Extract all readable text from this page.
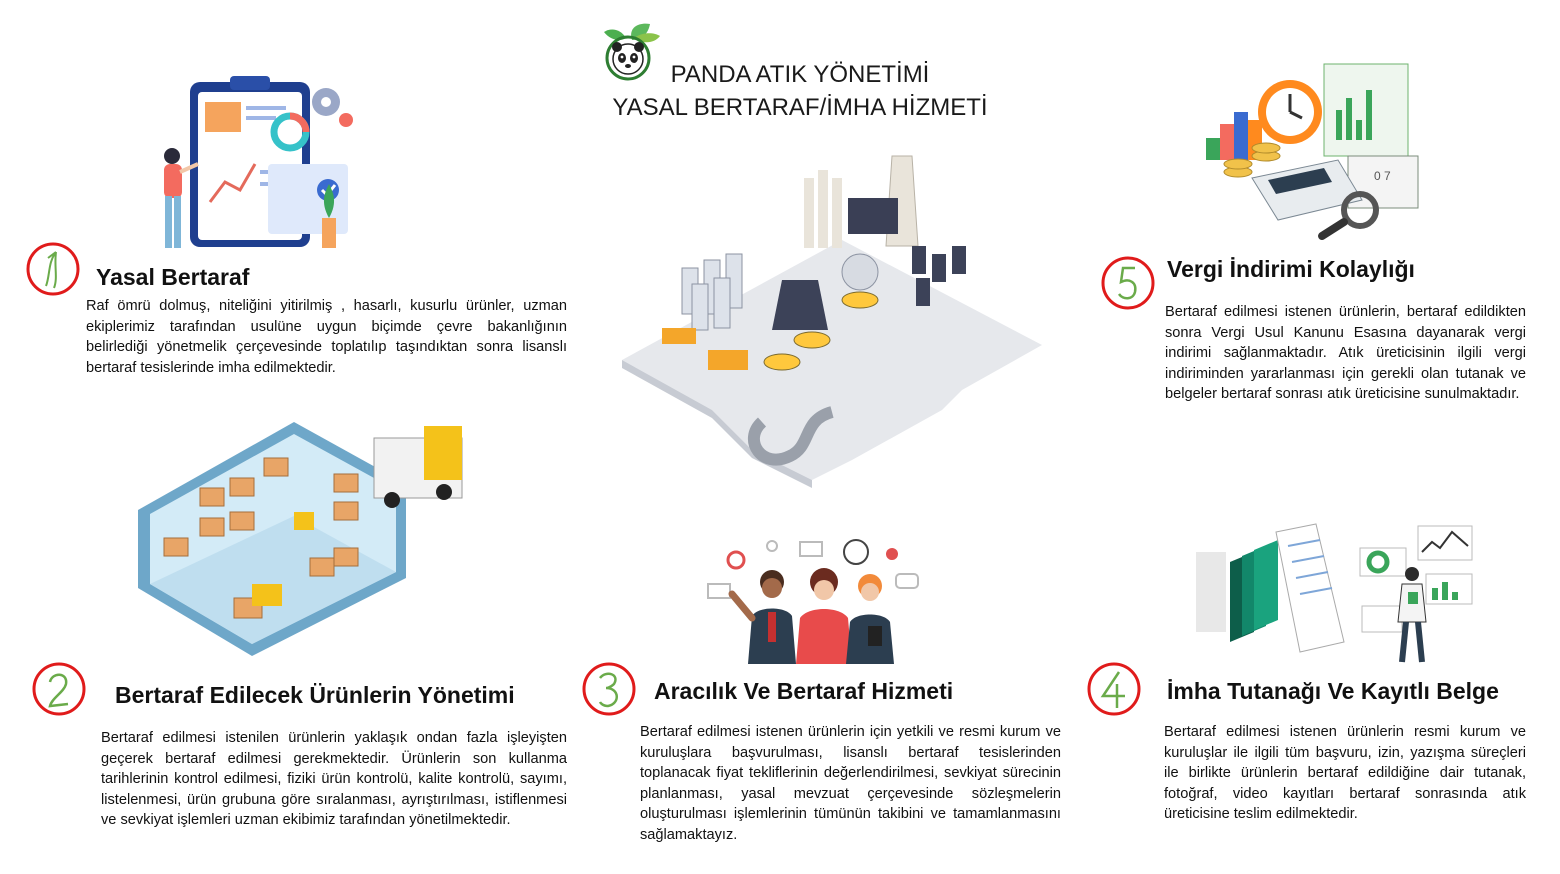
PANDA ATIK YÖNETİMİ
YASAL BERTARAF/İMHA HİZMETİ
0 7
Yasal Bertaraf
Raf ömrü dolmuş, niteliğini yitirilmiş , hasarlı, kusurlu ürünler, uzman ekiplerimiz tarafından usulüne uygun biçimde çevre bakanlığının belirlediği yönetmelik çerçevesinde toplatılıp taşındıktan sonra lisanslı bertaraf tesislerinde imha edilmektedir.
Vergi İndirimi Kolaylığı
Bertaraf edilmesi istenen ürünlerin, bertaraf edildikten sonra Vergi Usul Kanunu Esasına dayanarak vergi indirimi sağlanmaktadır. Atık üreticisinin ilgili vergi indiriminden yararlanması için gerekli olan tutanak ve belgeler bertaraf sonrası atık üreticisine sunulmaktadır.
Bertaraf Edilecek Ürünlerin Yönetimi
Bertaraf edilmesi istenilen ürünlerin yaklaşık ondan fazla işleyişten geçerek bertaraf edilmesi gerekmektedir. Ürünlerin son kullanma tarihlerinin kontrol edilmesi, fiziki ürün kontrolü, kalite kontrolü, sayımı, listelenmesi, ürün grubuna göre sıralanması, ayrıştırılması, istiflenmesi ve sevkiyat işlemleri uzman ekibimiz tarafından yönetilmektedir.
Aracılık Ve Bertaraf Hizmeti
Bertaraf edilmesi istenen ürünlerin için yetkili ve resmi kurum ve kuruluşlara başvurulması, lisanslı bertaraf tesislerinden toplanacak fiyat tekliflerinin değerlendirilmesi, sevkiyat sürecinin planlanması, yasal mevzuat çerçevesinde sözleşmelerin oluşturulması işlemlerinin tümünün takibini ve tamamlanmasını sağlamaktayız.
İmha Tutanağı Ve Kayıtlı Belge
Bertaraf edilmesi istenen ürünlerin resmi kurum ve kuruluşlar ile ilgili tüm başvuru, izin, yazışma süreçleri ile birlikte ürünlerin bertaraf edildiğine dair tutanak, fotoğraf, video kayıtları bertaraf sonrasında atık üreticisine teslim edilmektedir.
